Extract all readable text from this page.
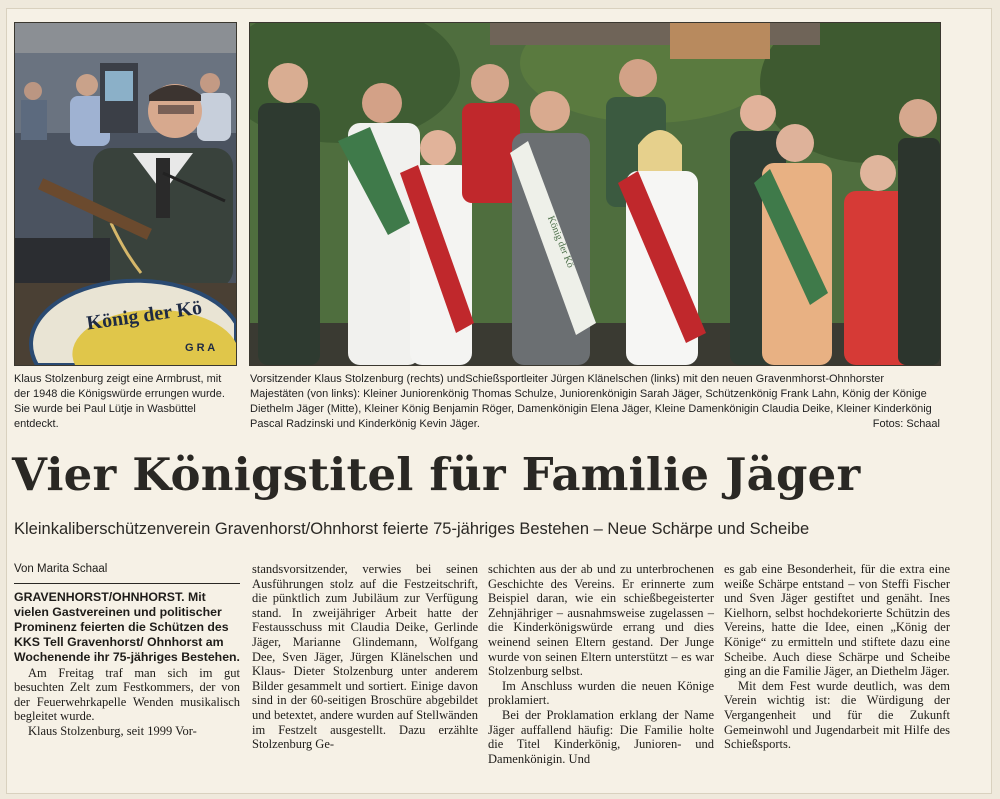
König der Kö
G R A
König der Kö
Klaus Stolzenburg zeigt eine Armbrust, mit der 1948 die Königswürde errungen wurde. Sie wurde bei Paul Lütje in Wasbüttel entdeckt.
Vorsitzender Klaus Stolzenburg (rechts) undSchießsportleiter Jürgen Klänelschen (links) mit den neuen Gravenmhorst-Ohnhorster Majestäten (von links): Kleiner Juniorenkönig Thomas Schulze, Juniorenkönigin Sarah Jäger, Schützenkönig Frank Lahn, König der Könige Diethelm Jäger (Mitte), Kleiner König Benjamin Röger, Damenkönigin Elena Jäger, Kleine Damenkönigin Claudia Deike, Kleiner Kinderkönig Pascal Radzinski und Kinderkönig Kevin Jäger.	Fotos: Schaal
Vier Königstitel für Familie Jäger
Kleinkaliberschützenverein Gravenhorst/Ohnhorst feierte 75-jähriges Bestehen – Neue Schärpe und Scheibe
Von Marita Schaal

GRAVENHORST/OHNHORST. Mit vielen Gastvereinen und politischer Prominenz feierten die Schützen des KKS Tell Gravenhorst/ Ohnhorst am Wochenende ihr 75-jähriges Bestehen.

Am Freitag traf man sich im gut besuchten Zelt zum Festkommers, der von der Feuerwehrkapelle Wenden musikalisch begleitet wurde.

Klaus Stolzenburg, seit 1999 Vor-

standsvorsitzender, verwies bei seinen Ausführungen stolz auf die Festzeitschrift, die pünktlich zum Jubiläum zur Verfügung stand. In zweijähriger Arbeit hatte der Festausschuss mit Claudia Deike, Gerlinde Jäger, Marianne Glindemann, Wolfgang Dee, Sven Jäger, Jürgen Klänelschen und Klaus- Dieter Stolzenburg unter anderem Bilder gesammelt und sortiert. Einige davon sind in der 60-seitigen Broschüre abgebildet und betextet, andere wurden auf Stellwänden im Festzelt ausgestellt. Dazu erzählte Stolzenburg Ge-

schichten aus der ab und zu unterbrochenen Geschichte des Vereins. Er erinnerte zum Beispiel daran, wie ein schießbegeisterter Zehnjähriger – ausnahmsweise zugelassen – die Kinderkönigswürde errang und dies weinend seinen Eltern gestand. Der Junge wurde von seinen Eltern unterstützt – es war Stolzenburg selbst.

Im Anschluss wurden die neuen Könige proklamiert.

Bei der Proklamation erklang der Name Jäger auffallend häufig: Die Familie holte die Titel Kinderkönig, Junioren- und Damenkönigin. Und

es gab eine Besonderheit, für die extra eine weiße Schärpe entstand – von Steffi Fischer und Sven Jäger gestiftet und genäht. Ines Kielhorn, selbst hochdekorierte Schützin des Vereins, hatte die Idee, einen „König der Könige“ zu ermitteln und stiftete dazu eine Scheibe. Auch diese Schärpe und Scheibe ging an die Familie Jäger, an Diethelm Jäger.

Mit dem Fest wurde deutlich, was dem Verein wichtig ist: die Würdigung der Vergangenheit und für die Zukunft Gemeinwohl und Jugendarbeit mit Hilfe des Schießsports.
